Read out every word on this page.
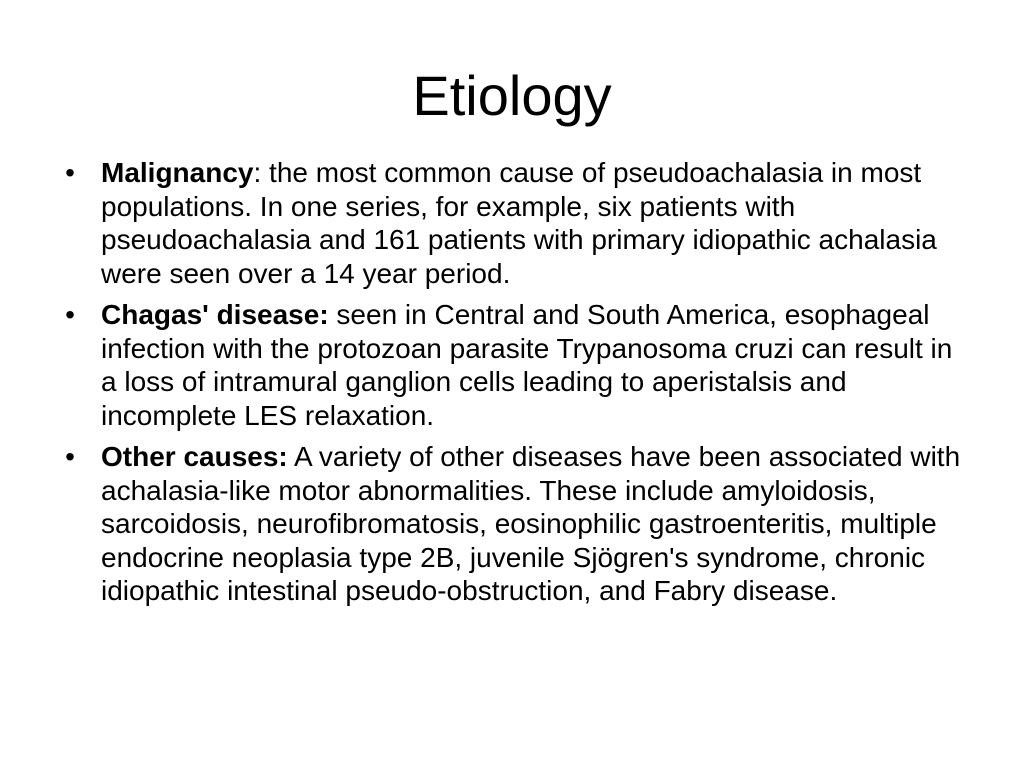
Etiology
• Malignancy: the most common cause of pseudoachalasia in most populations. In one series, for example, six patients with pseudoachalasia and 161 patients with primary idiopathic achalasia were seen over a 14 year period.
• Chagas' disease: seen in Central and South America, esophageal infection with the protozoan parasite Trypanosoma cruzi can result in a loss of intramural ganglion cells leading to aperistalsis and incomplete LES relaxation.
• Other causes: A variety of other diseases have been associated with achalasia-like motor abnormalities. These include amyloidosis, sarcoidosis, neurofibromatosis, eosinophilic gastroenteritis, multiple endocrine neoplasia type 2B, juvenile Sjögren's syndrome, chronic idiopathic intestinal pseudo-obstruction, and Fabry disease.
